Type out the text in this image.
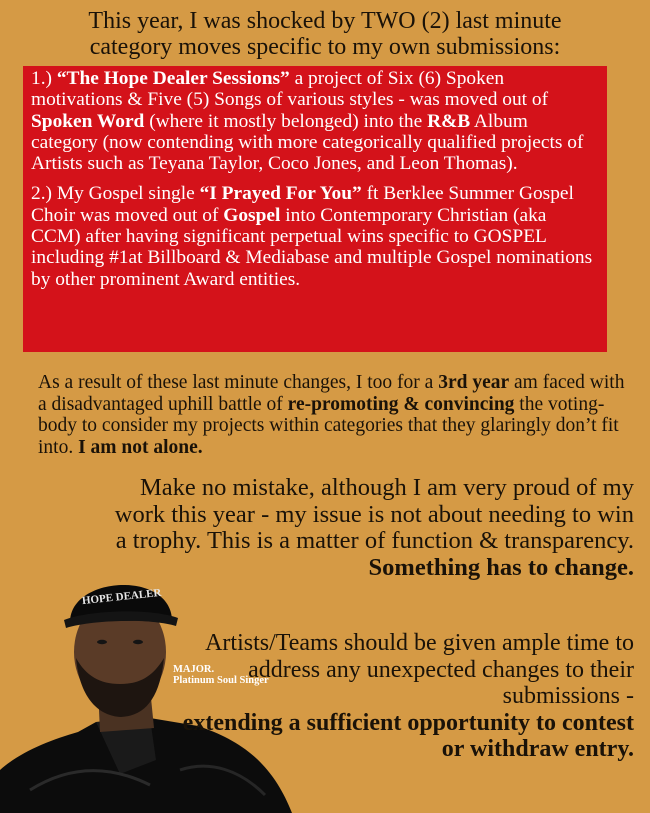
This year, I was shocked by TWO (2) last minute
category moves specific to my own submissions:

1.) “The Hope Dealer Sessions” a project of Six (6) Spoken motivations & Five (5) Songs of various styles - was moved out of Spoken Word (where it mostly belonged) into the R&B Album category (now contending with more categorically qualified projects of Artists such as Teyana Taylor, Coco Jones, and Leon Thomas).

2.) My Gospel single “I Prayed For You” ft Berklee Summer Gospel Choir was moved out of Gospel into Contemporary Christian (aka CCM) after having significant perpetual wins specific to GOSPEL including #1at Billboard & Mediabase and multiple Gospel nominations by other prominent Award entities.

As a result of these last minute changes, I too for a 3rd year am faced with a disadvantaged uphill battle of re-promoting & convincing the voting-body to consider my projects within categories that they glaringly don’t fit into. I am not alone.
Make no mistake, although I am very proud of my work this year - my issue is not about needing to win a trophy. This is a matter of function & transparency.
Something has to change.
HOPE DEALER
MAJOR.
Platinum Soul Singer
Artists/Teams should be given ample time to address any unexpected changes to their submissions -
extending a sufficient opportunity to contest or withdraw entry.
